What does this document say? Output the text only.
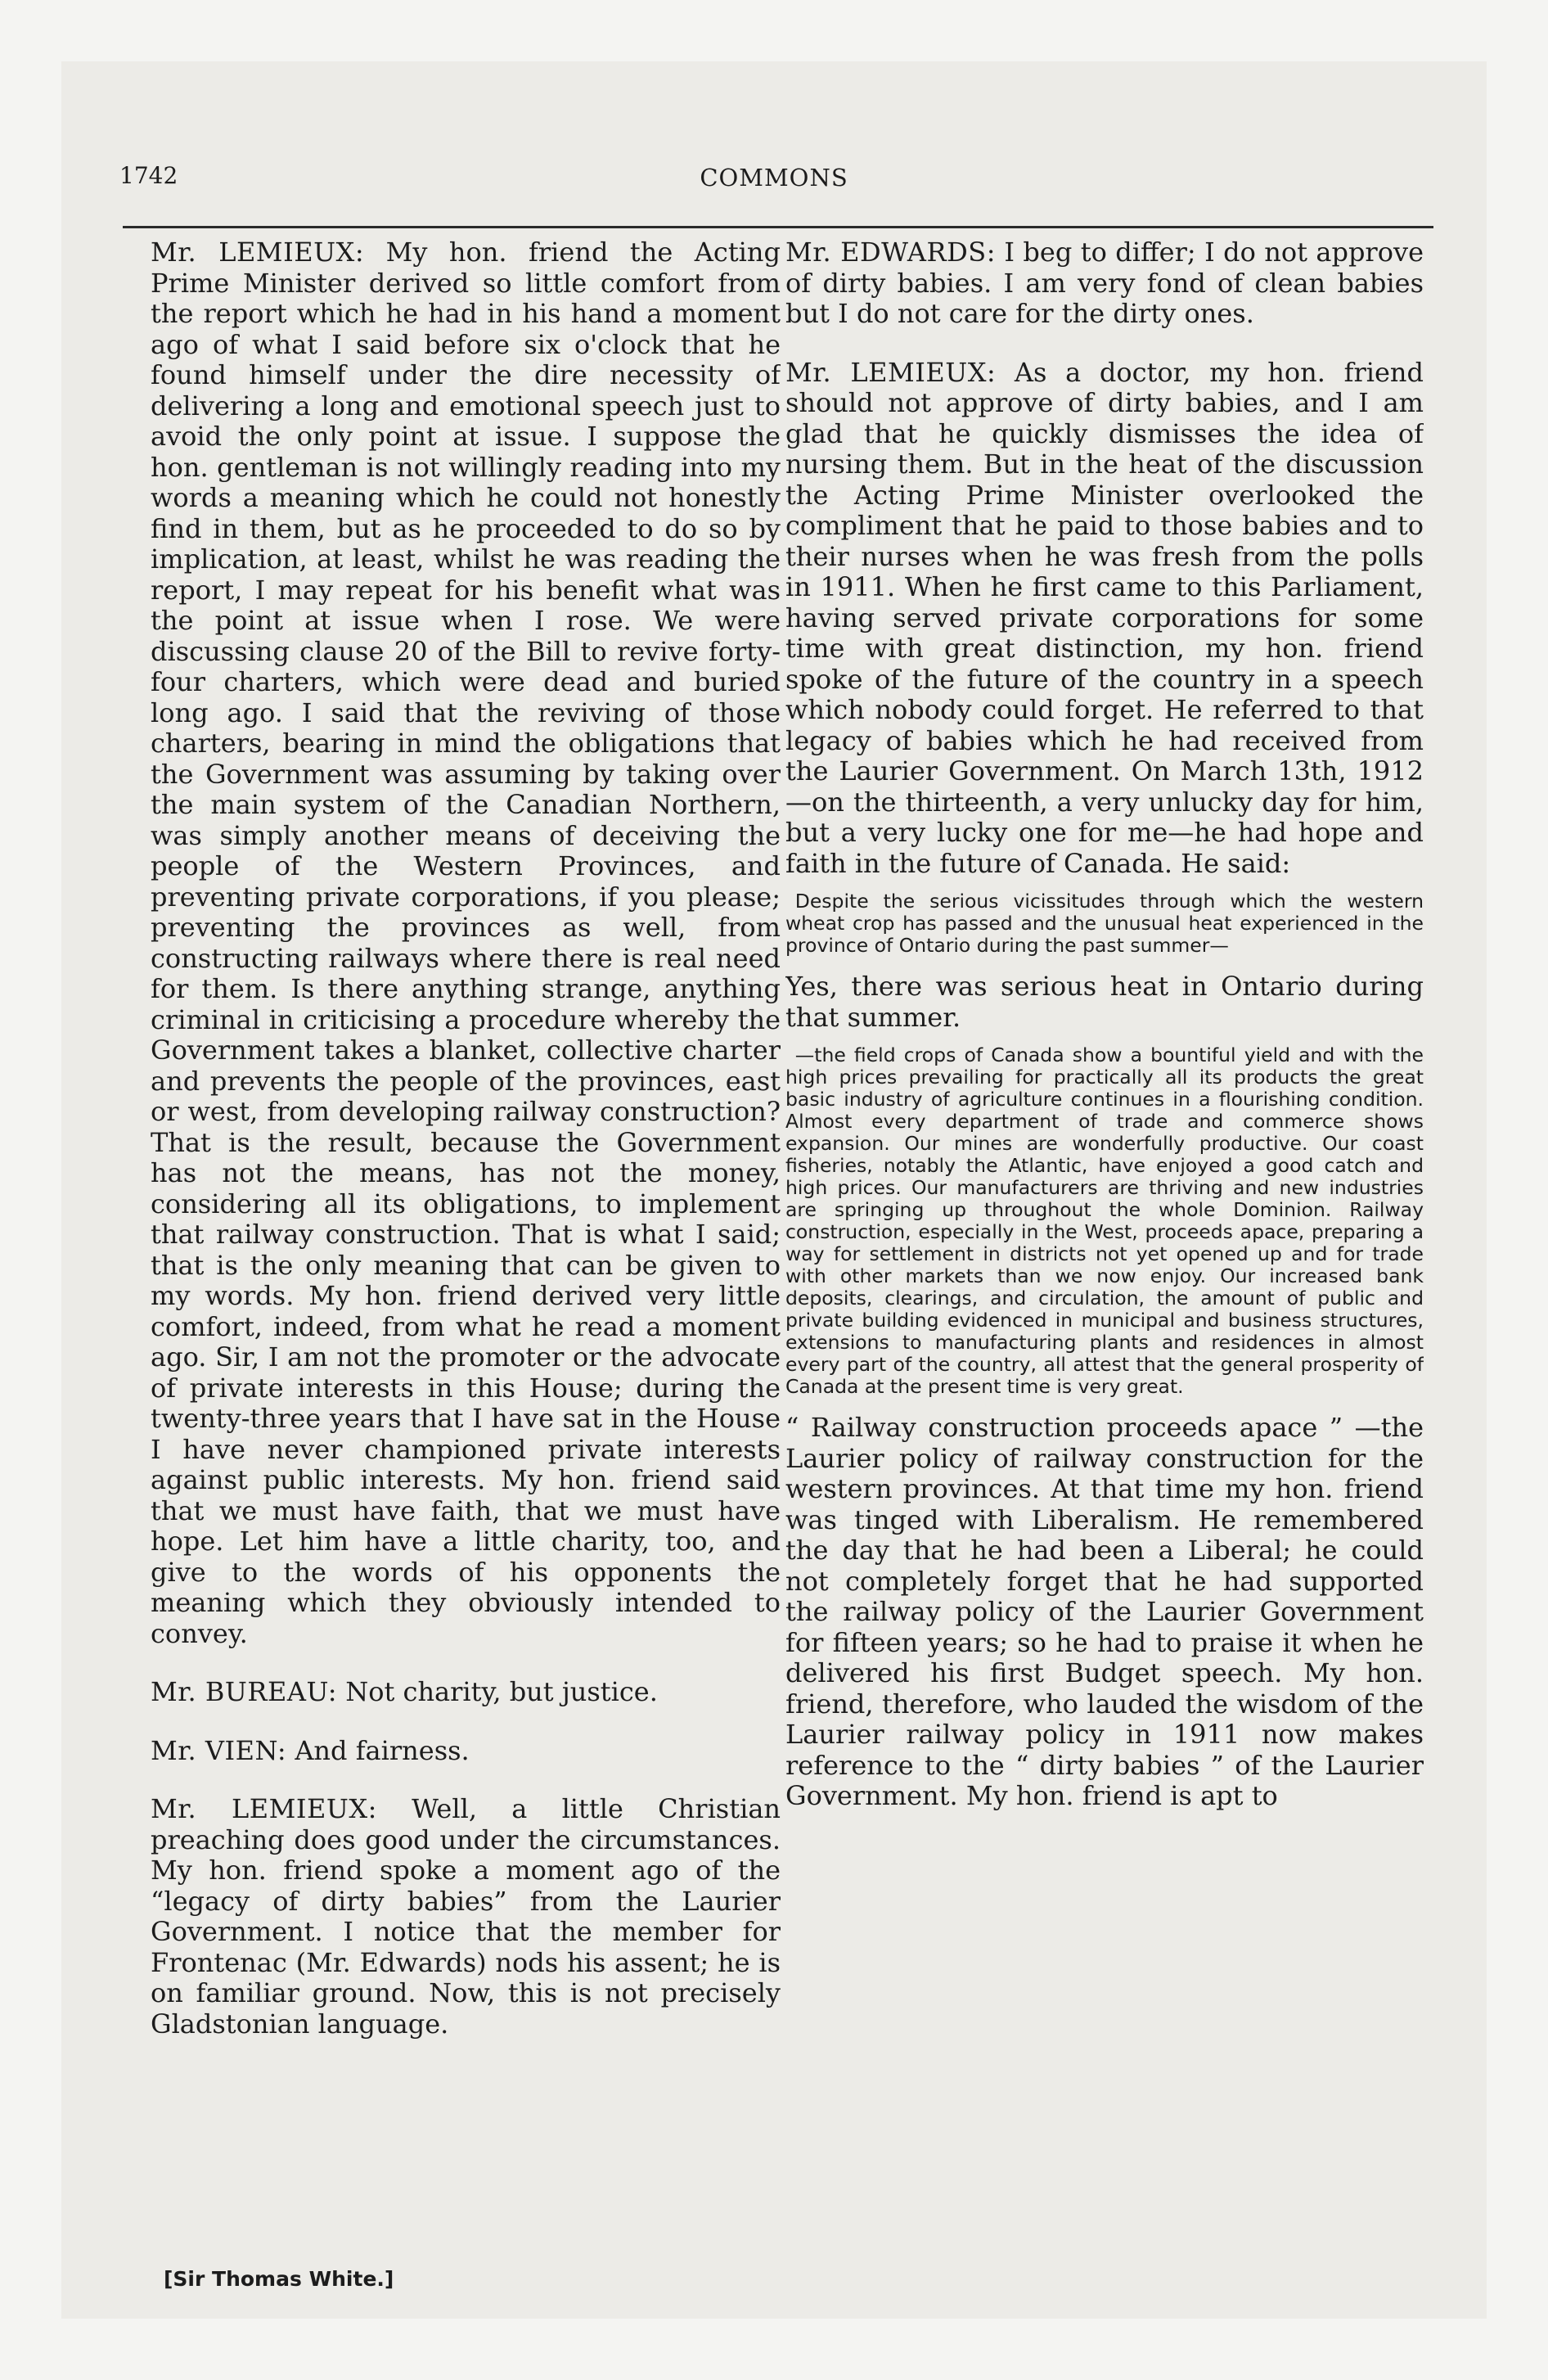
1742	COMMONS

Mr. LEMIEUX: My hon. friend the Acting Prime Minister derived so little comfort from the report which he had in his hand a moment ago of what I said before six o'clock that he found himself under the dire necessity of delivering a long and emotional speech just to avoid the only point at issue. I suppose the hon. gentleman is not willingly reading into my words a meaning which he could not honestly find in them, but as he proceeded to do so by implication, at least, whilst he was reading the report, I may repeat for his benefit what was the point at issue when I rose. We were discussing clause 20 of the Bill to revive forty-four charters, which were dead and buried long ago. I said that the reviving of those charters, bearing in mind the obligations that the Government was assuming by taking over the main system of the Canadian Northern, was simply another means of deceiving the people of the Western Provinces, and preventing private corporations, if you please; preventing the provinces as well, from constructing railways where there is real need for them. Is there anything strange, anything criminal in criticising a procedure whereby the Government takes a blanket, collective charter and prevents the people of the provinces, east or west, from developing railway construction? That is the result, because the Government has not the means, has not the money, considering all its obligations, to implement that railway construction. That is what I said; that is the only meaning that can be given to my words. My hon. friend derived very little comfort, indeed, from what he read a moment ago. Sir, I am not the promoter or the advocate of private interests in this House; during the twenty-three years that I have sat in the House I have never championed private interests against public interests. My hon. friend said that we must have faith, that we must have hope. Let him have a little charity, too, and give to the words of his opponents the meaning which they obviously intended to convey.

Mr. BUREAU: Not charity, but justice.

Mr. VIEN: And fairness.

Mr. LEMIEUX: Well, a little Christian preaching does good under the circumstances. My hon. friend spoke a moment ago of the “legacy of dirty babies” from the Laurier Government. I notice that the member for Frontenac (Mr. Edwards) nods his assent; he is on familiar ground. Now, this is not precisely Gladstonian language.

[Sir Thomas White.]

Mr. EDWARDS: I beg to differ; I do not approve of dirty babies. I am very fond of clean babies but I do not care for the dirty ones.

Mr. LEMIEUX: As a doctor, my hon. friend should not approve of dirty babies, and I am glad that he quickly dismisses the idea of nursing them. But in the heat of the discussion the Acting Prime Minister overlooked the compliment that he paid to those babies and to their nurses when he was fresh from the polls in 1911. When he first came to this Parliament, having served private corporations for some time with great distinction, my hon. friend spoke of the future of the country in a speech which nobody could forget. He referred to that legacy of babies which he had received from the Laurier Government. On March 13th, 1912—on the thirteenth, a very unlucky day for him, but a very lucky one for me—he had hope and faith in the future of Canada. He said:

Despite the serious vicissitudes through which the western wheat crop has passed and the unusual heat experienced in the province of Ontario during the past summer—

Yes, there was serious heat in Ontario during that summer.

—the field crops of Canada show a bountiful yield and with the high prices prevailing for practically all its products the great basic industry of agriculture continues in a flourishing condition. Almost every department of trade and commerce shows expansion. Our mines are wonderfully productive. Our coast fisheries, notably the Atlantic, have enjoyed a good catch and high prices. Our manufacturers are thriving and new industries are springing up throughout the whole Dominion. Railway construction, especially in the West, proceeds apace, preparing a way for settlement in districts not yet opened up and for trade with other markets than we now enjoy. Our increased bank deposits, clearings, and circulation, the amount of public and private building evidenced in municipal and business structures, extensions to manufacturing plants and residences in almost every part of the country, all attest that the general prosperity of Canada at the present time is very great.

“ Railway construction proceeds apace ” —the Laurier policy of railway construction for the western provinces. At that time my hon. friend was tinged with Liberalism. He remembered the day that he had been a Liberal; he could not completely forget that he had supported the railway policy of the Laurier Government for fifteen years; so he had to praise it when he delivered his first Budget speech. My hon. friend, therefore, who lauded the wisdom of the Laurier railway policy in 1911 now makes reference to the “ dirty babies ” of the Laurier Government. My hon. friend is apt to
